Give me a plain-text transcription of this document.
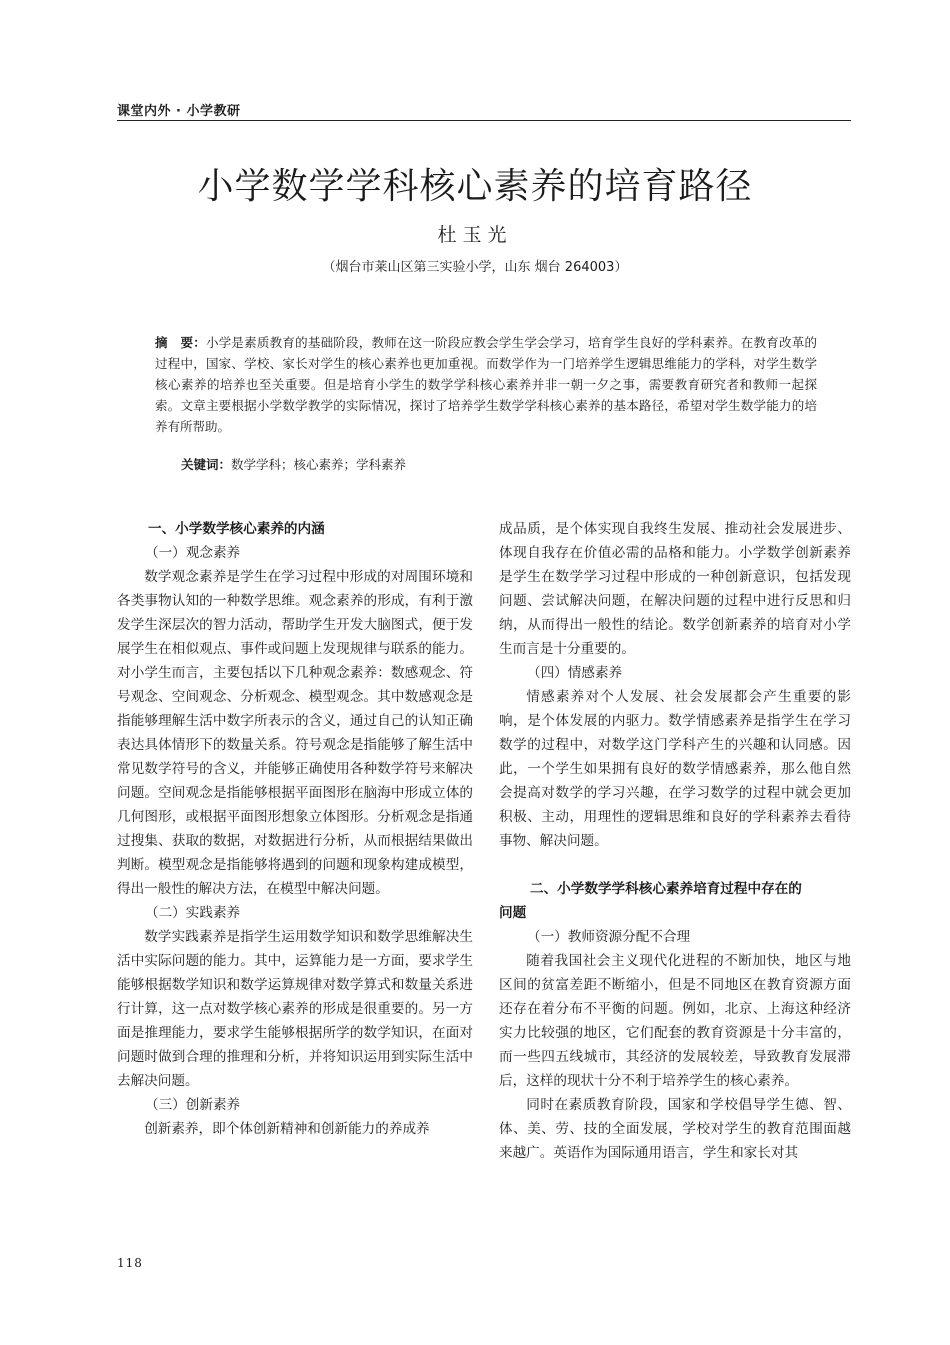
课堂内外 · 小学教研
小学数学学科核心素养的培育路径
杜玉光
（烟台市莱山区第三实验小学，山东 烟台 264003）

摘　要：小学是素质教育的基础阶段，教师在这一阶段应教会学生学会学习，培育学生良好的学科素养。在教育改革的过程中，国家、学校、家长对学生的核心素养也更加重视。而数学作为一门培养学生逻辑思维能力的学科，对学生数学核心素养的培养也至关重要。但是培育小学生的数学学科核心素养并非一朝一夕之事，需要教育研究者和教师一起探索。文章主要根据小学数学教学的实际情况，探讨了培养学生数学学科核心素养的基本路径，希望对学生数学能力的培养有所帮助。

关键词：数学学科；核心素养；学科素养

一、小学数学核心素养的内涵

（一）观念素养

数学观念素养是学生在学习过程中形成的对周围环境和各类事物认知的一种数学思维。观念素养的形成，有利于激发学生深层次的智力活动，帮助学生开发大脑图式，便于发展学生在相似观点、事件或问题上发现规律与联系的能力。对小学生而言，主要包括以下几种观念素养：数感观念、符号观念、空间观念、分析观念、模型观念。其中数感观念是指能够理解生活中数字所表示的含义，通过自己的认知正确表达具体情形下的数量关系。符号观念是指能够了解生活中常见数学符号的含义，并能够正确使用各种数学符号来解决问题。空间观念是指能够根据平面图形在脑海中形成立体的几何图形，或根据平面图形想象立体图形。分析观念是指通过搜集、获取的数据，对数据进行分析，从而根据结果做出判断。模型观念是指能够将遇到的问题和现象构建成模型，得出一般性的解决方法，在模型中解决问题。

（二）实践素养

数学实践素养是指学生运用数学知识和数学思维解决生活中实际问题的能力。其中，运算能力是一方面，要求学生能够根据数学知识和数学运算规律对数学算式和数量关系进行计算，这一点对数学核心素养的形成是很重要的。另一方面是推理能力，要求学生能够根据所学的数学知识，在面对问题时做到合理的推理和分析，并将知识运用到实际生活中去解决问题。

（三）创新素养

创新素养，即个体创新精神和创新能力的养成养

成品质，是个体实现自我终生发展、推动社会发展进步、体现自我存在价值必需的品格和能力。小学数学创新素养是学生在数学学习过程中形成的一种创新意识，包括发现问题、尝试解决问题，在解决问题的过程中进行反思和归纳，从而得出一般性的结论。数学创新素养的培育对小学生而言是十分重要的。

（四）情感素养

情感素养对个人发展、社会发展都会产生重要的影响，是个体发展的内驱力。数学情感素养是指学生在学习数学的过程中，对数学这门学科产生的兴趣和认同感。因此，一个学生如果拥有良好的数学情感素养，那么他自然会提高对数学的学习兴趣，在学习数学的过程中就会更加积极、主动，用理性的逻辑思维和良好的学科素养去看待事物、解决问题。

二、小学数学学科核心素养培育过程中存在的

问题

（一）教师资源分配不合理

随着我国社会主义现代化进程的不断加快，地区与地区间的贫富差距不断缩小，但是不同地区在教育资源方面还存在着分布不平衡的问题。例如，北京、上海这种经济实力比较强的地区，它们配套的教育资源是十分丰富的，而一些四五线城市，其经济的发展较差，导致教育发展滞后，这样的现状十分不利于培养学生的核心素养。

同时在素质教育阶段，国家和学校倡导学生德、智、体、美、劳、技的全面发展，学校对学生的教育范围面越来越广。英语作为国际通用语言，学生和家长对其

118
